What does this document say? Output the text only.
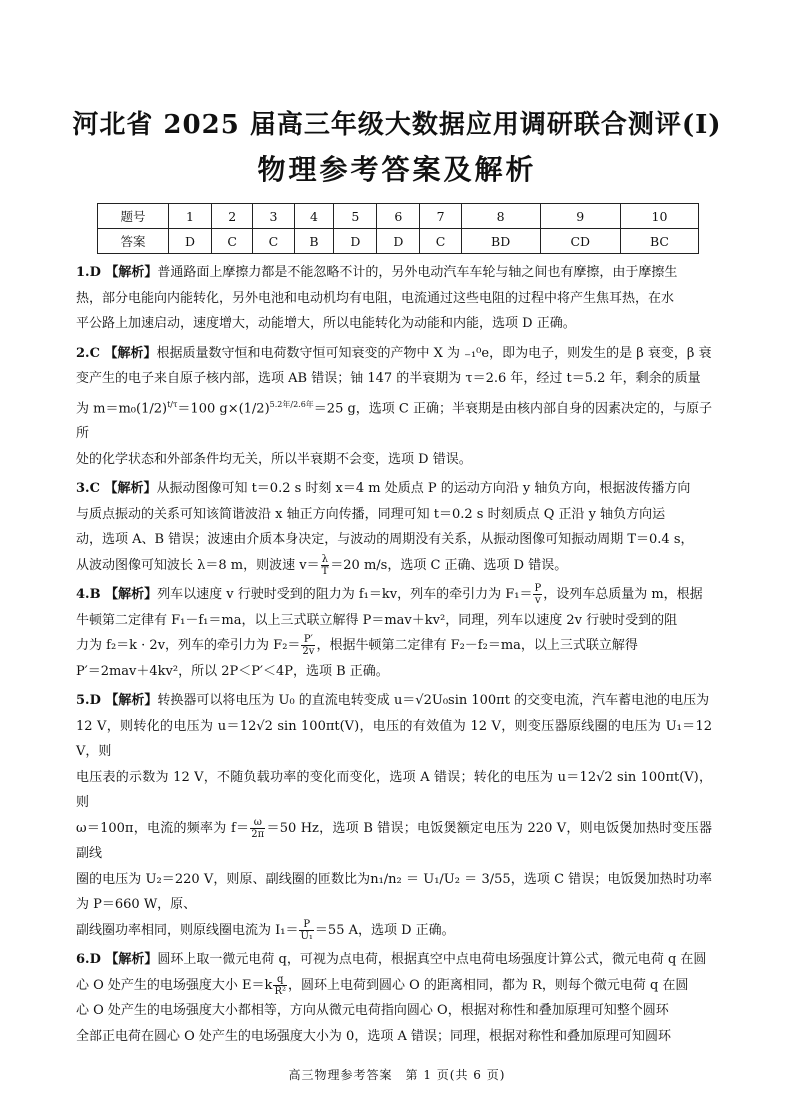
河北省 2025 届高三年级大数据应用调研联合测评(Ⅰ)
物理参考答案及解析
题号	1	2	3	4	5	6	7	8	9	10
答案	D	C	C	B	D	D	C	BD	CD	BC

1.D 【解析】普通路面上摩擦力都是不能忽略不计的，另外电动汽车车轮与轴之间也有摩擦，由于摩擦生

热，部分电能向内能转化，另外电池和电动机均有电阻，电流通过这些电阻的过程中将产生焦耳热，在水

平公路上加速启动，速度增大，动能增大，所以电能转化为动能和内能，选项 D 正确。

2.C 【解析】根据质量数守恒和电荷数守恒可知衰变的产物中 X 为 ₋₁⁰e，即为电子，则发生的是 β 衰变，β 衰

变产生的电子来自原子核内部，选项 AB 错误；铀 147 的半衰期为 τ＝2.6 年，经过 t＝5.2 年，剩余的质量

为 $m=m_0(1/2)^{t/\tau}=100$ $g\times(1/2)^{5.2年/2.6年}=25$ g，选项 C 正确；半衰期是由核内部自身的因素决定的，与原子所

处的化学状态和外部条件均无关，所以半衰期不会变，选项 D 错误。

3.C 【解析】从振动图像可知 t＝0.2 s 时刻 x＝4 m 处质点 P 的运动方向沿 y 轴负方向，根据波传播方向

与质点振动的关系可知该简谐波沿 x 轴正方向传播，同理可知 t＝0.2 s 时刻质点 Q 正沿 y 轴负方向运

动，选项 A、B 错误；波速由介质本身决定，与波动的周期没有关系，从振动图像可知振动周期 T＝0.4 s，

从波动图像可知波长 λ＝8 m，则波速 $v= \frac{\lambda}{T} =20$ m/s，选项 C 正确、选项 D 错误。

4.B 【解析】列车以速度 v 行驶时受到的阻力为 f₁＝kv，列车的牵引力为 $F_1= \frac{P}{v}$ ，设列车总质量为 m，根据

牛顿第二定律有 F₁－f₁＝ma，以上三式联立解得 P＝mav＋kv²，同理，列车以速度 2v 行驶时受到的阻

力为 f₂＝k · 2v，列车的牵引力为 $F_2= \frac{P'}{2v}$ ，根据牛顿第二定律有 F₂－f₂＝ma，以上三式联立解得

P′＝2mav＋4kv²，所以 2P＜P′＜4P，选项 B 正确。

5.D 【解析】转换器可以将电压为 U₀ 的直流电转变成 u＝√2U₀sin 100πt 的交变电流，汽车蓄电池的电压为

12 V，则转化的电压为 u＝12√2 sin 100πt(V)，电压的有效值为 12 V，则变压器原线圈的电压为 U₁＝12 V，则

电压表的示数为 12 V，不随负载功率的变化而变化，选项 A 错误；转化的电压为 u＝12√2 sin 100πt(V)，则

ω＝100π，电流的频率为 $f= \frac{\omega}{2\pi} =50$ Hz，选项 B 错误；电饭煲额定电压为 220 V，则电饭煲加热时变压器副线

圈的电压为 U₂＝220 V，则原、副线圈的匝数比为n₁/n₂ ＝ U₁/U₂ ＝ 3/55，选项 C 错误；电饭煲加热时功率为 P＝660 W，原、

副线圈功率相同，则原线圈电流为 $I_1= \frac{P}{\text{U₁}} =55$ A，选项 D 正确。

6.D 【解析】圆环上取一微元电荷 q，可视为点电荷，根据真空中点电荷电场强度计算公式，微元电荷 q 在圆

心 O 处产生的电场强度大小 $E=k \frac{q}{\text{R²}}$ ，圆环上电荷到圆心 O 的距离相同，都为 R，则每个微元电荷 q 在圆

心 O 处产生的电场强度大小都相等，方向从微元电荷指向圆心 O，根据对称性和叠加原理可知整个圆环

全部正电荷在圆心 O 处产生的电场强度大小为 0，选项 A 错误；同理，根据对称性和叠加原理可知圆环

高三物理参考答案　第 1 页(共 6 页)
